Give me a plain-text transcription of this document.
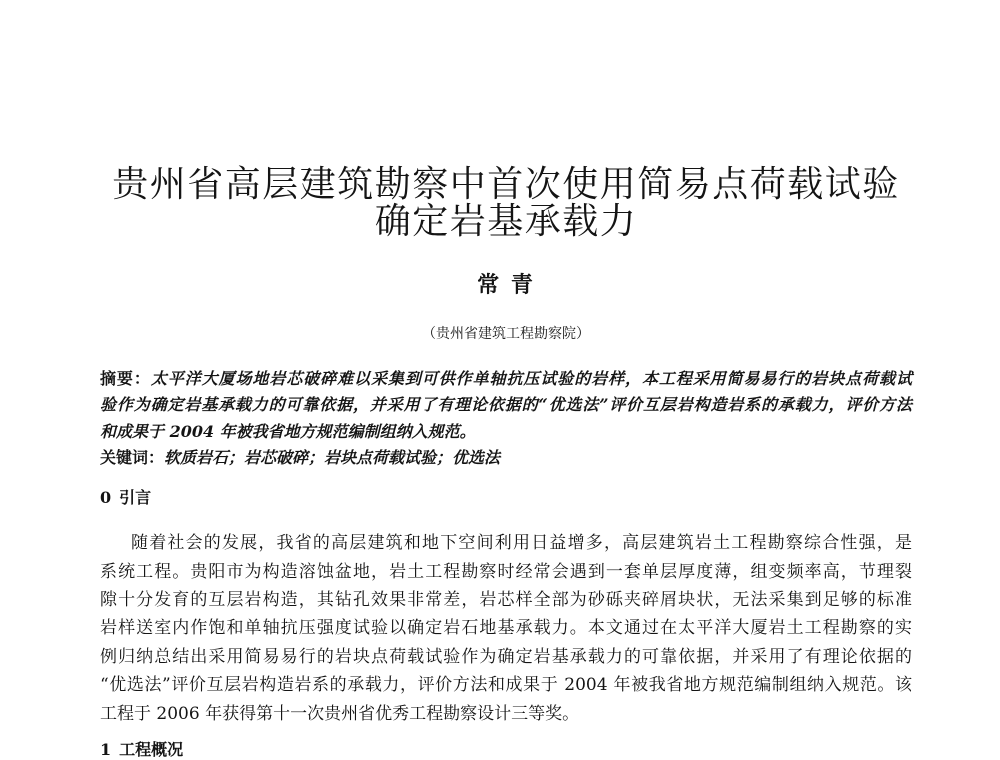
贵州省高层建筑勘察中首次使用简易点荷载试验
确定岩基承载力
常 青
（贵州省建筑工程勘察院）
摘要：太平洋大厦场地岩芯破碎难以采集到可供作单轴抗压试验的岩样，本工程采用简易易行的岩块点荷载试
验作为确定岩基承载力的可靠依据，并采用了有理论依据的“优选法”评价互层岩构造岩系的承载力，评价方法
和成果于 2004 年被我省地方规范编制组纳入规范。
关键词：软质岩石；岩芯破碎；岩块点荷载试验；优选法
0 引言
随着社会的发展，我省的高层建筑和地下空间利用日益增多，高层建筑岩土工程勘察综合性强，是
系统工程。贵阳市为构造溶蚀盆地，岩土工程勘察时经常会遇到一套单层厚度薄，组变频率高，节理裂
隙十分发育的互层岩构造，其钻孔效果非常差，岩芯样全部为砂砾夹碎屑块状，无法采集到足够的标准
岩样送室内作饱和单轴抗压强度试验以确定岩石地基承载力。本文通过在太平洋大厦岩土工程勘察的实
例归纳总结出采用简易易行的岩块点荷载试验作为确定岩基承载力的可靠依据，并采用了有理论依据的
“优选法”评价互层岩构造岩系的承载力，评价方法和成果于 2004 年被我省地方规范编制组纳入规范。该
工程于 2006 年获得第十一次贵州省优秀工程勘察设计三等奖。
1 工程概况
